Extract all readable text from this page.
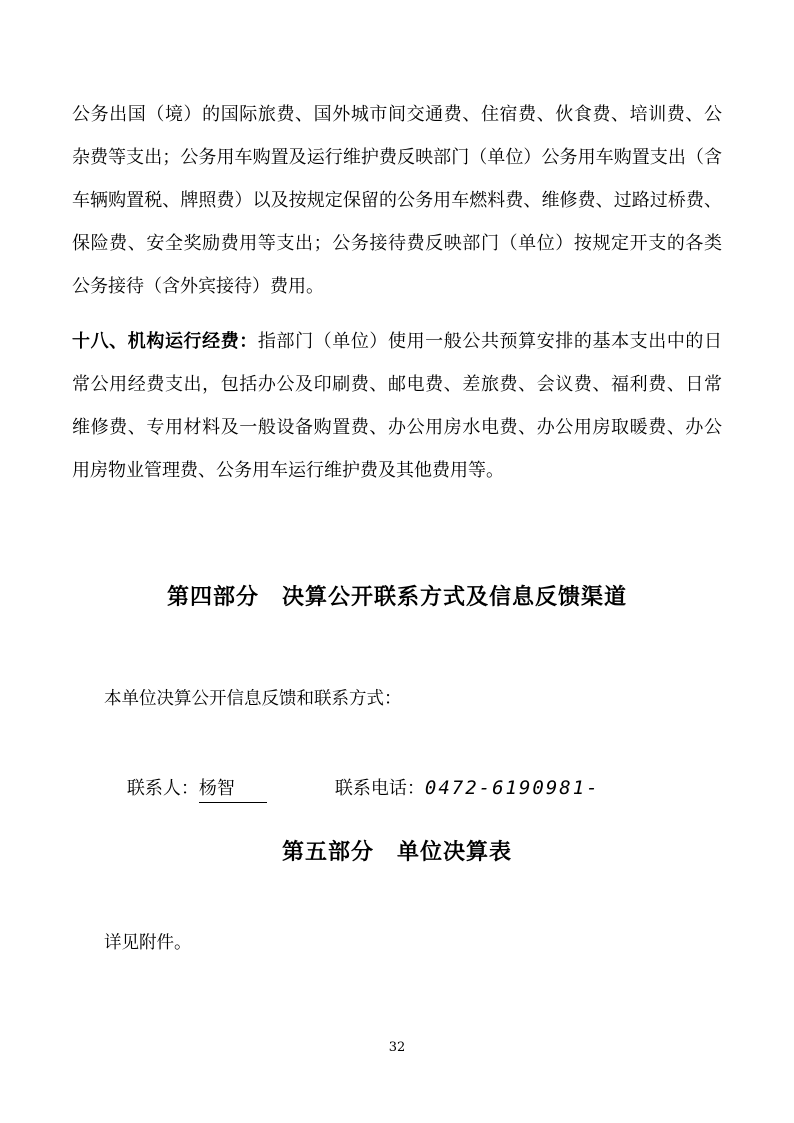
公务出国（境）的国际旅费、国外城市间交通费、住宿费、伙食费、培训费、公
杂费等支出；公务用车购置及运行维护费反映部门（单位）公务用车购置支出（含
车辆购置税、牌照费）以及按规定保留的公务用车燃料费、维修费、过路过桥费、
保险费、安全奖励费用等支出；公务接待费反映部门（单位）按规定开支的各类
公务接待（含外宾接待）费用。
十八、机构运行经费：指部门（单位）使用一般公共预算安排的基本支出中的日
常公用经费支出，包括办公及印刷费、邮电费、差旅费、会议费、福利费、日常
维修费、专用材料及一般设备购置费、办公用房水电费、办公用房取暖费、办公
用房物业管理费、公务用车运行维护费及其他费用等。
第四部分　决算公开联系方式及信息反馈渠道
本单位决算公开信息反馈和联系方式：

联系人：杨智	联系电话：0472-6190981-

第五部分　单位决算表
详见附件。
32
